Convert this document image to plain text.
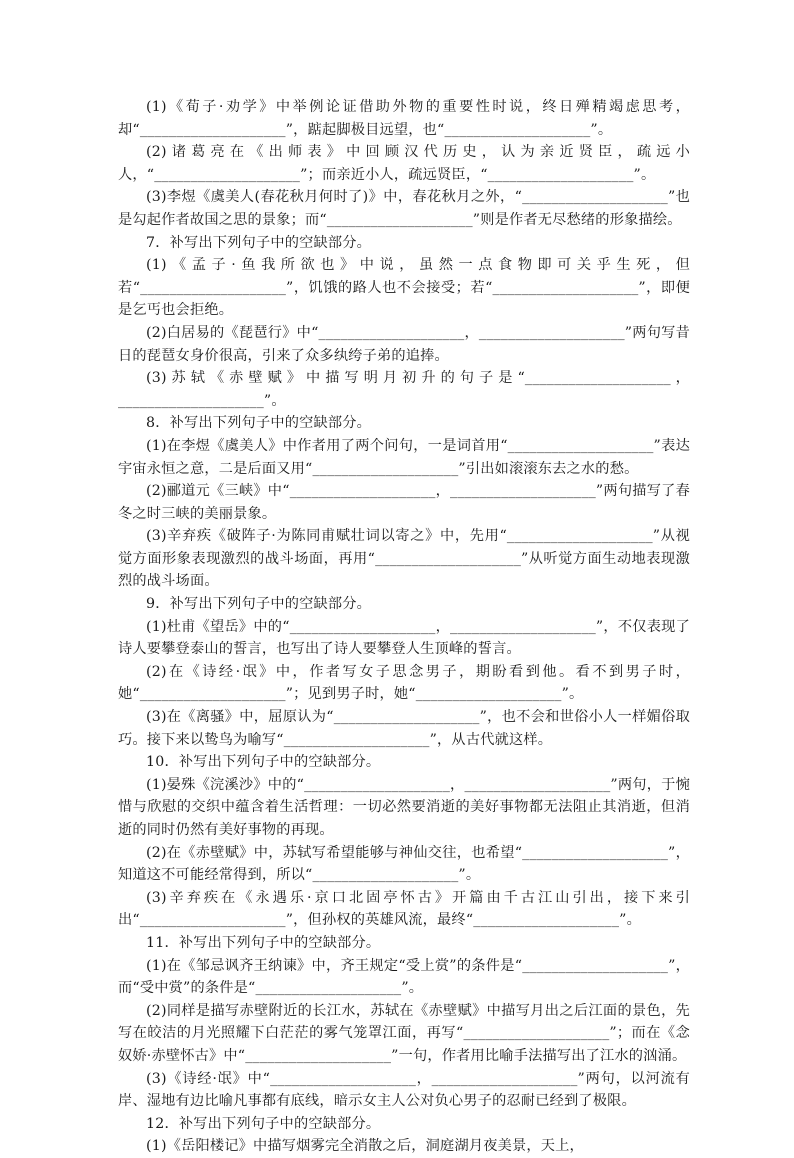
(1)《荀子·劝学》中举例论证借助外物的重要性时说，终日殚精竭虑思考，却“____________________”，踮起脚极目远望，也“____________________”。

(2)诸葛亮在《出师表》中回顾汉代历史，认为亲近贤臣，疏远小人，“____________________”；而亲近小人，疏远贤臣，“____________________”。

(3)李煜《虞美人(春花秋月何时了)》中，春花秋月之外，“____________________”也是勾起作者故国之思的景象；而“____________________”则是作者无尽愁绪的形象描绘。

7．补写出下列句子中的空缺部分。

(1)《孟子·鱼我所欲也》中说，虽然一点食物即可关乎生死，但若“____________________”，饥饿的路人也不会接受；若“____________________”，即便是乞丐也会拒绝。

(2)白居易的《琵琶行》中“____________________，____________________”两句写昔日的琵琶女身价很高，引来了众多纨绔子弟的追捧。

(3)苏轼《赤壁赋》中描写明月初升的句子是“____________________，____________________”。

8．补写出下列句子中的空缺部分。

(1)在李煜《虞美人》中作者用了两个问句，一是词首用“____________________”表达宇宙永恒之意，二是后面又用“____________________”引出如滚滚东去之水的愁。

(2)郦道元《三峡》中“____________________，____________________”两句描写了春冬之时三峡的美丽景象。

(3)辛弃疾《破阵子·为陈同甫赋壮词以寄之》中，先用“____________________”从视觉方面形象表现激烈的战斗场面，再用“____________________”从听觉方面生动地表现激烈的战斗场面。

9．补写出下列句子中的空缺部分。

(1)杜甫《望岳》中的“____________________，____________________”，不仅表现了诗人要攀登泰山的誓言，也写出了诗人要攀登人生顶峰的誓言。

(2)在《诗经·氓》中，作者写女子思念男子，期盼看到他。看不到男子时，她“____________________”；见到男子时，她“____________________”。

(3)在《离骚》中，屈原认为“____________________”，也不会和世俗小人一样媚俗取巧。接下来以鸷鸟为喻写“____________________”，从古代就这样。

10．补写出下列句子中的空缺部分。

(1)晏殊《浣溪沙》中的“____________________，____________________”两句，于惋惜与欣慰的交织中蕴含着生活哲理：一切必然要消逝的美好事物都无法阻止其消逝，但消逝的同时仍然有美好事物的再现。

(2)在《赤壁赋》中，苏轼写希望能够与神仙交往，也希望“____________________”，知道这不可能经常得到，所以“____________________”。

(3)辛弃疾在《永遇乐·京口北固亭怀古》开篇由千古江山引出，接下来引出“____________________”，但孙权的英雄风流，最终“____________________”。

11．补写出下列句子中的空缺部分。

(1)在《邹忌讽齐王纳谏》中，齐王规定“受上赏”的条件是“____________________”，而“受中赏”的条件是“____________________”。

(2)同样是描写赤壁附近的长江水，苏轼在《赤壁赋》中描写月出之后江面的景色，先写在皎洁的月光照耀下白茫茫的雾气笼罩江面，再写“____________________”；而在《念奴娇·赤壁怀古》中“____________________”一句，作者用比喻手法描写出了江水的汹涌。

(3)《诗经·氓》中“____________________，____________________”两句，以河流有岸、湿地有边比喻凡事都有底线，暗示女主人公对负心男子的忍耐已经到了极限。

12．补写出下列句子中的空缺部分。

(1)《岳阳楼记》中描写烟雾完全消散之后，洞庭湖月夜美景，天上，
